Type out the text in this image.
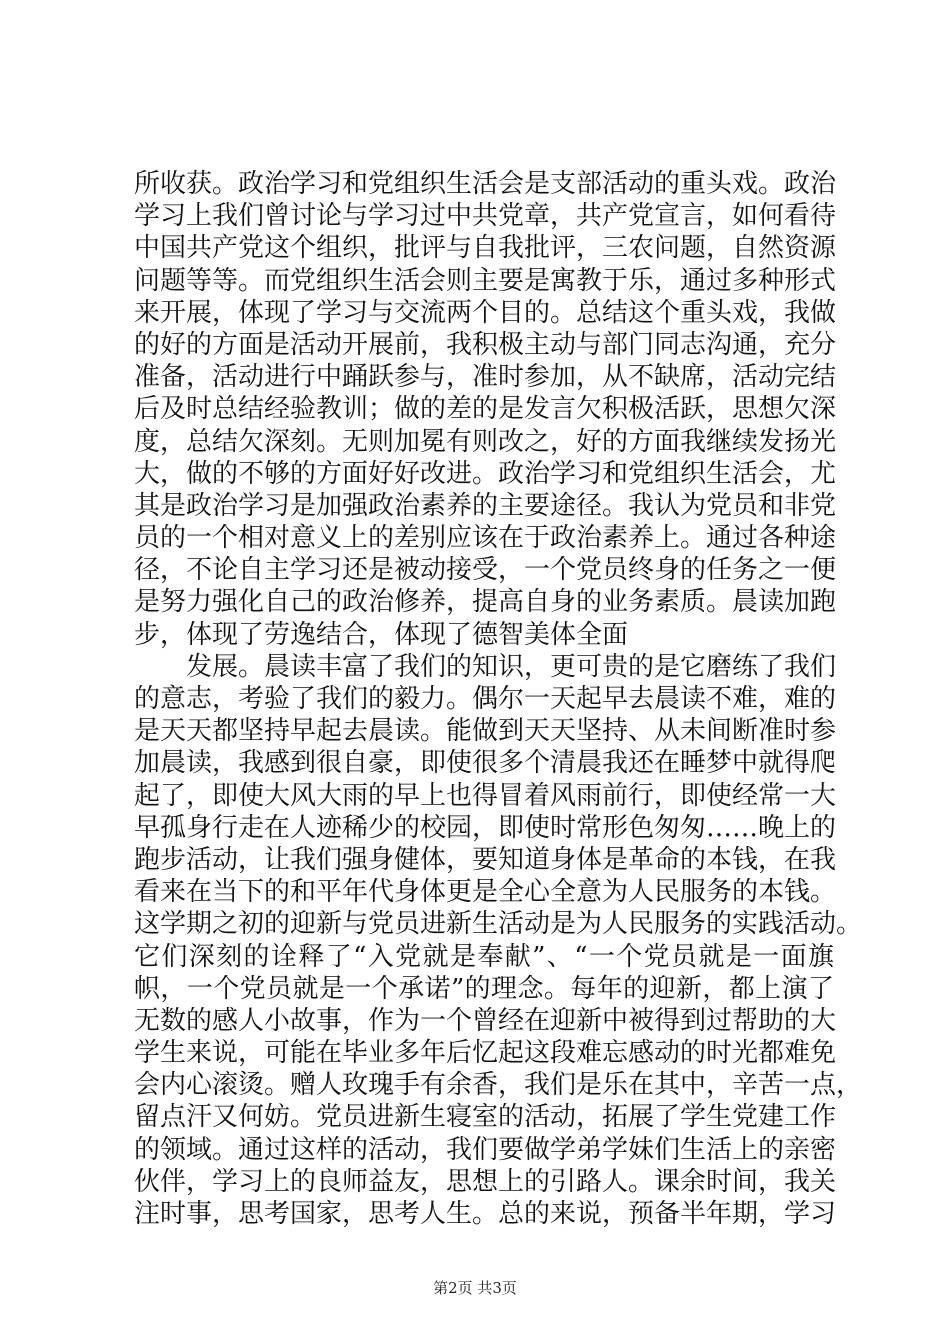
所收获。政治学习和党组织生活会是支部活动的重头戏。政治
学习上我们曾讨论与学习过中共党章，共产党宣言，如何看待
中国共产党这个组织，批评与自我批评，三农问题，自然资源
问题等等。而党组织生活会则主要是寓教于乐，通过多种形式
来开展，体现了学习与交流两个目的。总结这个重头戏，我做
的好的方面是活动开展前，我积极主动与部门同志沟通，充分
准备，活动进行中踊跃参与，准时参加，从不缺席，活动完结
后及时总结经验教训；做的差的是发言欠积极活跃，思想欠深
度，总结欠深刻。无则加冕有则改之，好的方面我继续发扬光
大，做的不够的方面好好改进。政治学习和党组织生活会，尤
其是政治学习是加强政治素养的主要途径。我认为党员和非党
员的一个相对意义上的差别应该在于政治素养上。通过各种途
径，不论自主学习还是被动接受，一个党员终身的任务之一便
是努力强化自己的政治修养，提高自身的业务素质。晨读加跑
步，体现了劳逸结合，体现了德智美体全面
发展。晨读丰富了我们的知识，更可贵的是它磨练了我们
的意志，考验了我们的毅力。偶尔一天起早去晨读不难，难的
是天天都坚持早起去晨读。能做到天天坚持、从未间断准时参
加晨读，我感到很自豪，即使很多个清晨我还在睡梦中就得爬
起了，即使大风大雨的早上也得冒着风雨前行，即使经常一大
早孤身行走在人迹稀少的校园，即使时常形色匆匆……晚上的
跑步活动，让我们强身健体，要知道身体是革命的本钱，在我
看来在当下的和平年代身体更是全心全意为人民服务的本钱。
这学期之初的迎新与党员进新生活动是为人民服务的实践活动。
它们深刻的诠释了“入党就是奉献”、“一个党员就是一面旗
帜，一个党员就是一个承诺”的理念。每年的迎新，都上演了
无数的感人小故事，作为一个曾经在迎新中被得到过帮助的大
学生来说，可能在毕业多年后忆起这段难忘感动的时光都难免
会内心滚烫。赠人玫瑰手有余香，我们是乐在其中，辛苦一点，
留点汗又何妨。党员进新生寝室的活动，拓展了学生党建工作
的领域。通过这样的活动，我们要做学弟学妹们生活上的亲密
伙伴，学习上的良师益友，思想上的引路人。课余时间，我关
注时事，思考国家，思考人生。总的来说，预备半年期，学习
第2页 共3页
